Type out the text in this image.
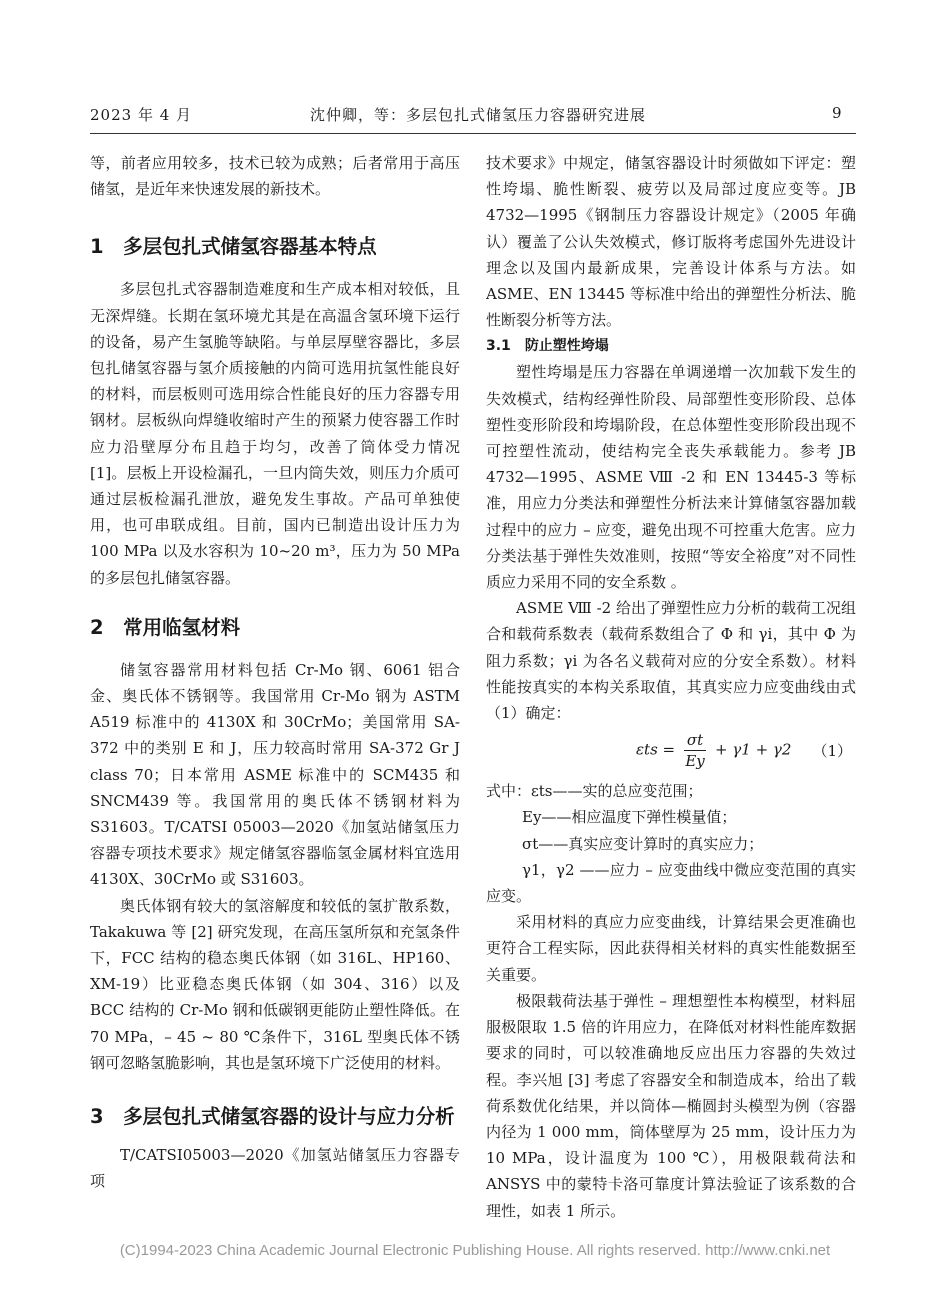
2023 年 4 月	沈仲卿，等：多层包扎式储氢压力容器研究进展	9

等，前者应用较多，技术已较为成熟；后者常用于高压储氢，是近年来快速发展的新技术。

1　多层包扎式储氢容器基本特点

多层包扎式容器制造难度和生产成本相对较低，且无深焊缝。长期在氢环境尤其是在高温含氢环境下运行的设备，易产生氢脆等缺陷。与单层厚壁容器比，多层包扎储氢容器与氢介质接触的内筒可选用抗氢性能良好的材料，而层板则可选用综合性能良好的压力容器专用钢材。层板纵向焊缝收缩时产生的预紧力使容器工作时应力沿壁厚分布且趋于均匀，改善了筒体受力情况 [1]。层板上开设检漏孔，一旦内筒失效，则压力介质可通过层板检漏孔泄放，避免发生事故。产品可单独使用，也可串联成组。目前，国内已制造出设计压力为 100 MPa 以及水容积为 10~20 m³，压力为 50 MPa 的多层包扎储氢容器。

2　常用临氢材料

储氢容器常用材料包括 Cr-Mo 钢、6061 铝合金、奥氏体不锈钢等。我国常用 Cr-Mo 钢为 ASTM A519 标准中的 4130X 和 30CrMo；美国常用 SA-372 中的类别 E 和 J，压力较高时常用 SA-372 Gr J class 70；日本常用 ASME 标准中的 SCM435 和 SNCM439 等。我国常用的奥氏体不锈钢材料为 S31603。T/CATSI 05003—2020《加氢站储氢压力容器专项技术要求》规定储氢容器临氢金属材料宜选用 4130X、30CrMo 或 S31603。

奥氏体钢有较大的氢溶解度和较低的氢扩散系数，Takakuwa 等 [2] 研究发现，在高压氢所氛和充氢条件下，FCC 结构的稳态奥氏体钢（如 316L、HP160、XM-19）比亚稳态奥氏体钢（如 304、316）以及 BCC 结构的 Cr-Mo 钢和低碳钢更能防止塑性降低。在 70 MPa，– 45 ~ 80 ℃条件下，316L 型奥氏体不锈钢可忽略氢脆影响，其也是氢环境下广泛使用的材料。

3　多层包扎式储氢容器的设计与应力分析

T/CATSI05003—2020《加氢站储氢压力容器专项

技术要求》中规定，储氢容器设计时须做如下评定：塑性垮塌、脆性断裂、疲劳以及局部过度应变等。JB 4732—1995《钢制压力容器设计规定》（2005 年确认）覆盖了公认失效模式，修订版将考虑国外先进设计理念以及国内最新成果，完善设计体系与方法。如 ASME、EN 13445 等标准中给出的弹塑性分析法、脆性断裂分析等方法。

3.1 防止塑性垮塌

塑性垮塌是压力容器在单调递增一次加载下发生的失效模式，结构经弹性阶段、局部塑性变形阶段、总体塑性变形阶段和垮塌阶段，在总体塑性变形阶段出现不可控塑性流动，使结构完全丧失承载能力。参考 JB 4732—1995、ASME Ⅷ -2 和 EN 13445-3 等标准，用应力分类法和弹塑性分析法来计算储氢容器加载过程中的应力 – 应变，避免出现不可控重大危害。应力分类法基于弹性失效准则，按照“等安全裕度”对不同性质应力采用不同的安全系数 。

ASME Ⅷ -2 给出了弹塑性应力分析的载荷工况组合和载荷系数表（载荷系数组合了 Φ 和 γi，其中 Φ 为阻力系数；γi 为各名义载荷对应的分安全系数）。材料性能按真实的本构关系取值，其真实应力应变曲线由式（1）确定：

$\varepsilon ts = \frac{\sigma t}{Ey} + \gamma 1 + \gamma 2$ （1）

式中：εts——实的总应变范围；

Ey——相应温度下弹性模量值；

σt——真实应变计算时的真实应力；

γ1，γ2 ——应力 – 应变曲线中微应变范围的真实应变。

采用材料的真应力应变曲线，计算结果会更准确也更符合工程实际，因此获得相关材料的真实性能数据至关重要。

极限载荷法基于弹性 – 理想塑性本构模型，材料屈服极限取 1.5 倍的许用应力，在降低对材料性能库数据要求的同时，可以较准确地反应出压力容器的失效过程。李兴旭 [3] 考虑了容器安全和制造成本，给出了载荷系数优化结果，并以筒体—椭圆封头模型为例（容器内径为 1 000 mm，筒体壁厚为 25 mm，设计压力为 10 MPa，设计温度为 100 ℃），用极限载荷法和 ANSYS 中的蒙特卡洛可靠度计算法验证了该系数的合理性，如表 1 所示。

(C)1994-2023 China Academic Journal Electronic Publishing House. All rights reserved. http://www.cnki.net
